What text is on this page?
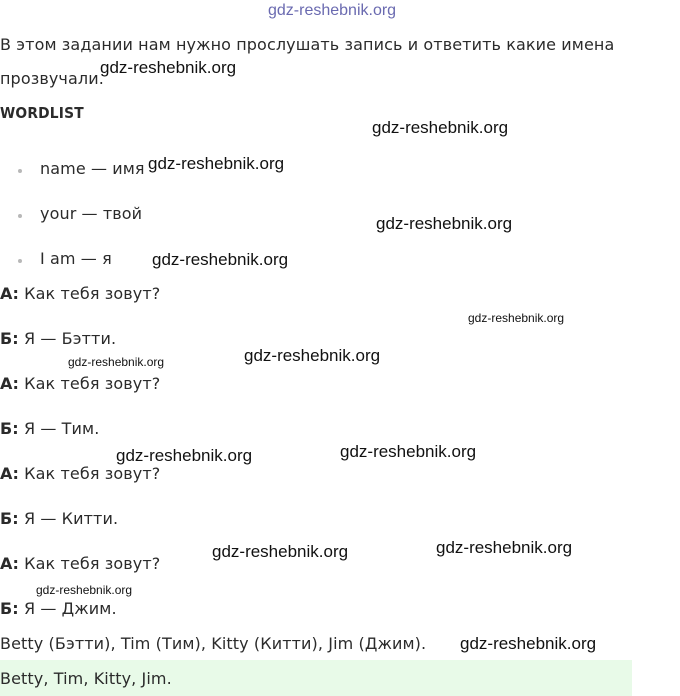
gdz-reshebnik.org
В этом задании нам нужно прослушать запись и ответить какие имена прозвучали.
WORDLIST
name — имя
your — твой
I am — я
А: Как тебя зовут?
Б: Я — Бэтти.
А: Как тебя зовут?
Б: Я — Тим.
А: Как тебя зовут?
Б: Я — Китти.
А: Как тебя зовут?
Б: Я — Джим.
Betty (Бэтти), Tim (Тим), Kitty (Китти), Jim (Джим).
Betty, Tim, Kitty, Jim.
gdz-reshebnik.org
gdz-reshebnik.org
gdz-reshebnik.org
gdz-reshebnik.org
gdz-reshebnik.org
gdz-reshebnik.org
gdz-reshebnik.org
gdz-reshebnik.org
gdz-reshebnik.org	gdz-reshebnik.org
gdz-reshebnik.org	gdz-reshebnik.org
gdz-reshebnik.org
gdz-reshebnik.org
